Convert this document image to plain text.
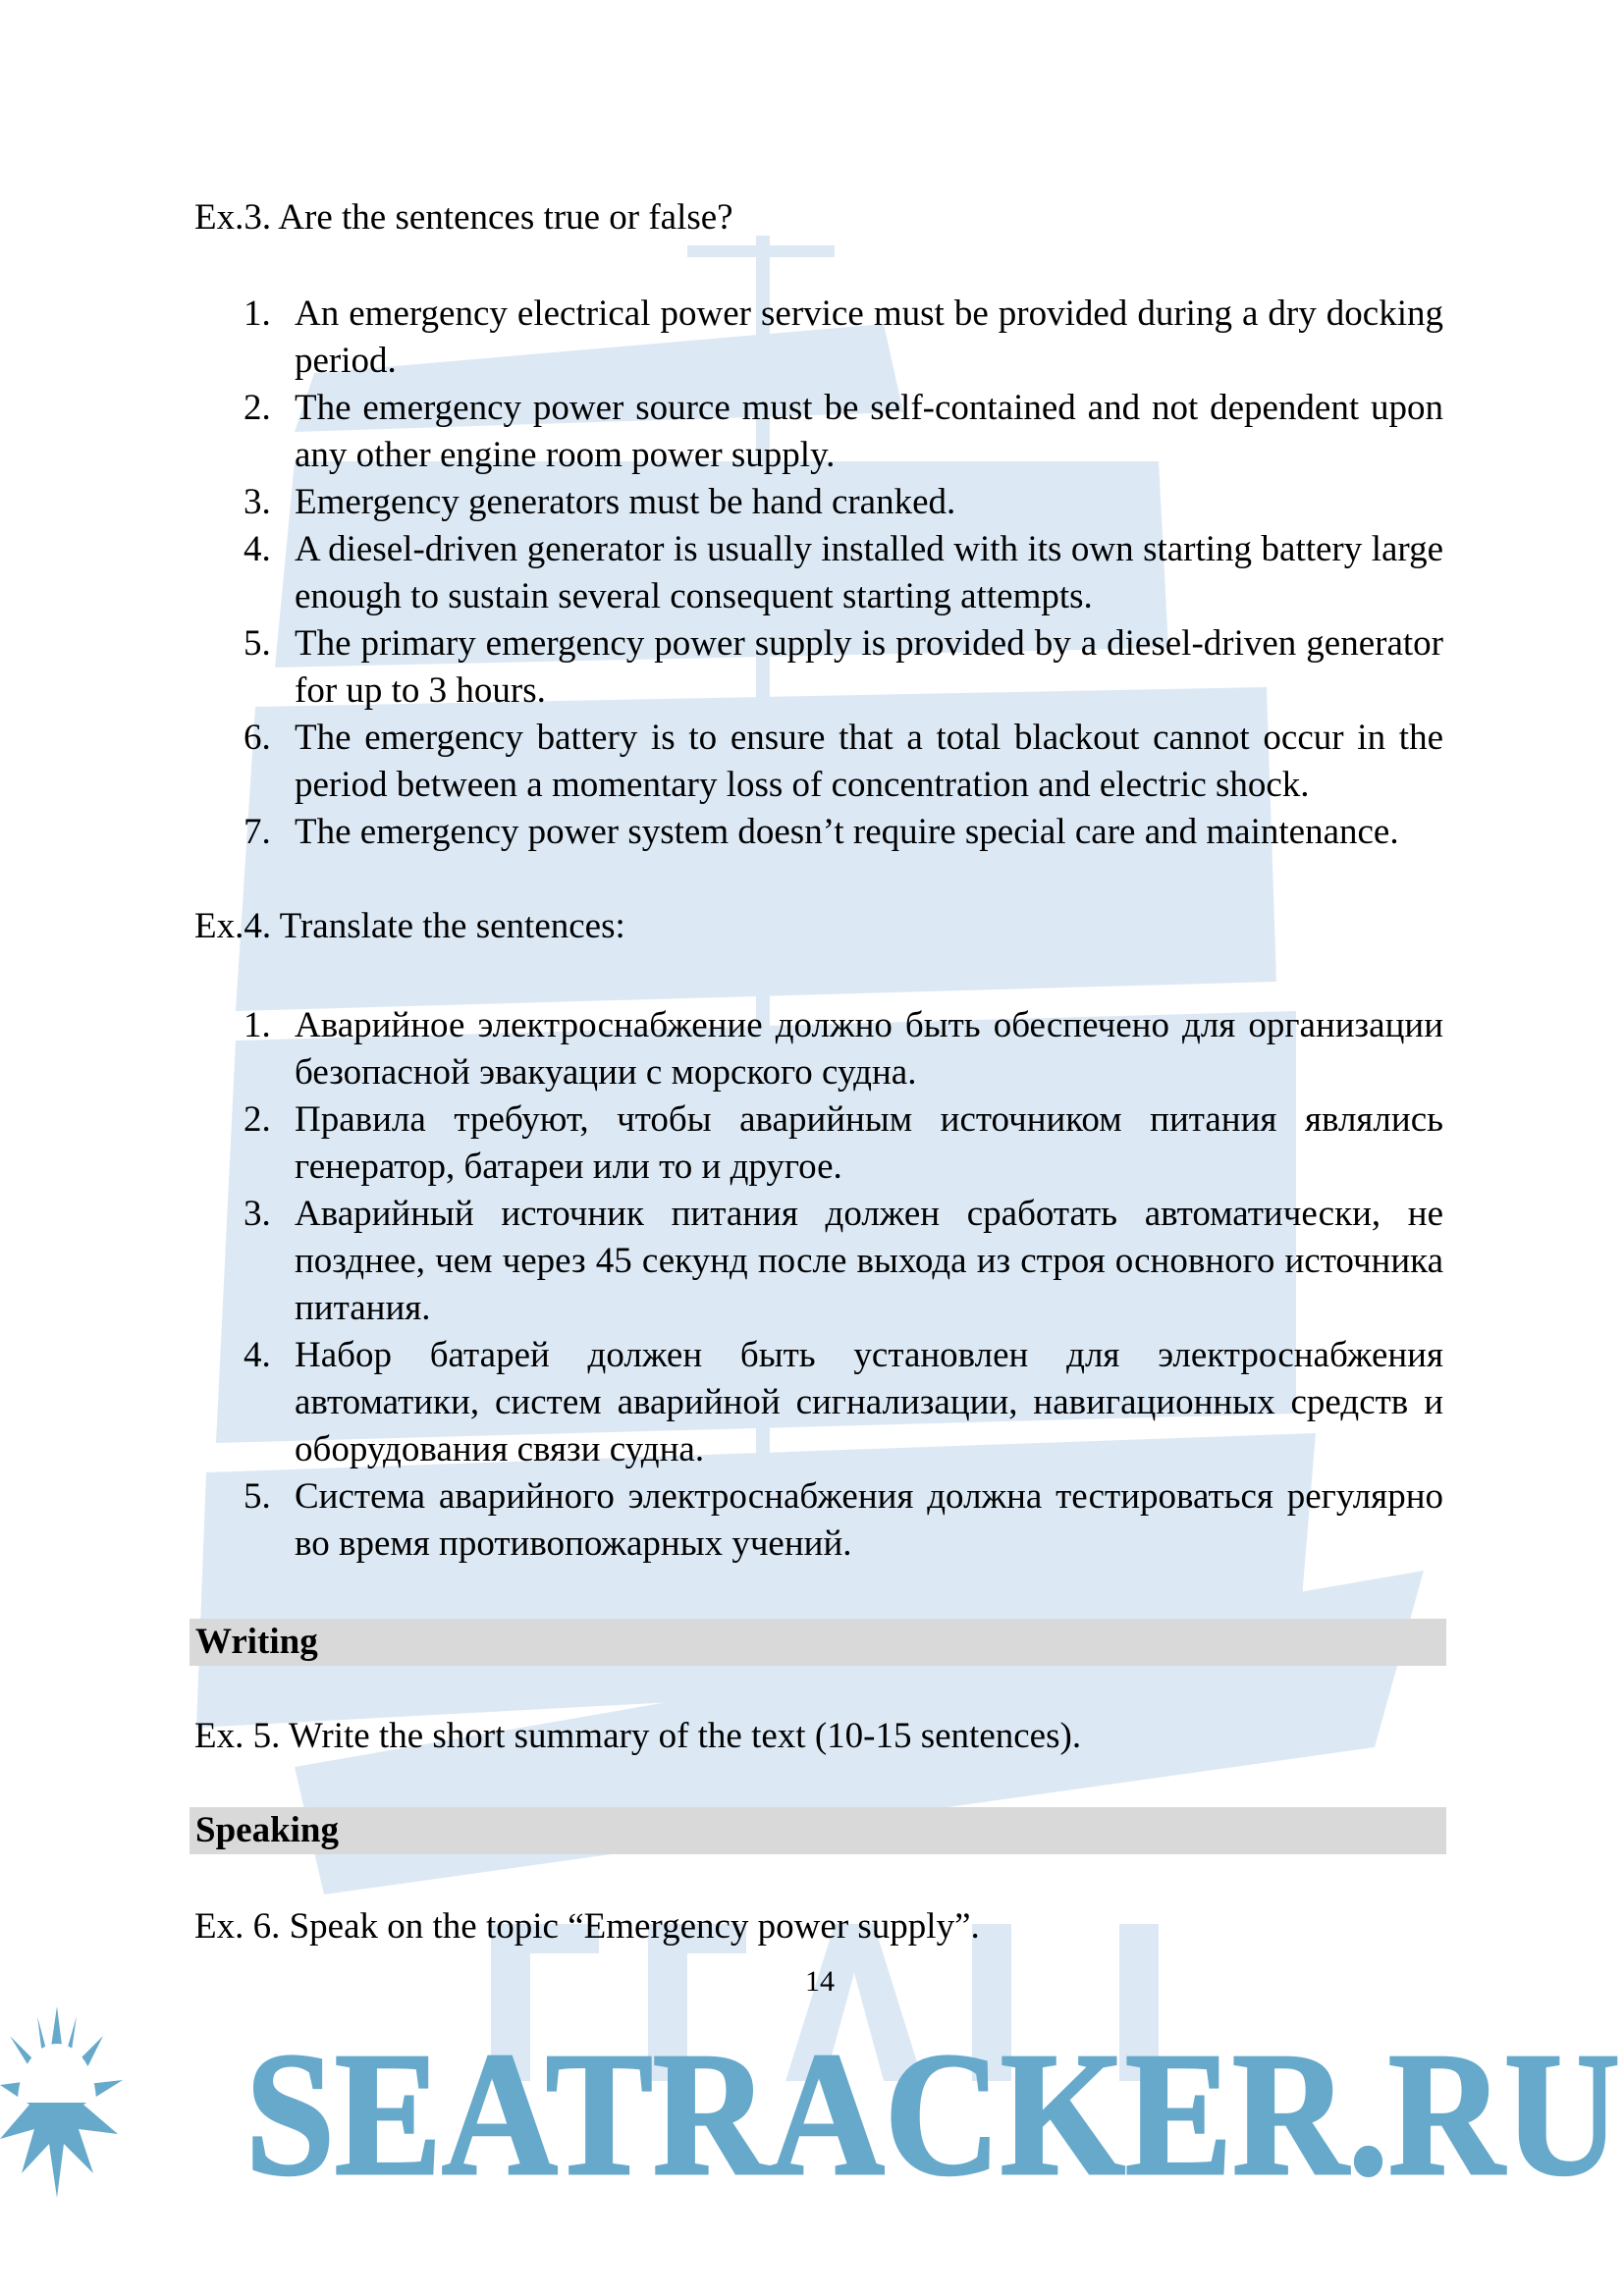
Ex.3. Are the sentences true or false?
1. An emergency electrical power service must be provided during a dry docking period.
2. The emergency power source must be self-contained and not dependent upon any other engine room power supply.
3. Emergency generators must be hand cranked.
4. A diesel-driven generator is usually installed with its own starting battery large enough to sustain several consequent starting attempts.
5. The primary emergency power supply is provided by a diesel-driven generator for up to 3 hours.
6. The emergency battery is to ensure that a total blackout cannot occur in the period between a momentary loss of concentration and electric shock.
7. The emergency power system doesn’t require special care and maintenance.
Ex.4. Translate the sentences:
1. Аварийное электроснабжение должно быть обеспечено для организации безопасной эвакуации с морского судна.
2. Правила требуют, чтобы аварийным источником питания являлись генератор, батареи или то и другое.
3. Аварийный источник питания должен сработать автоматически, не позднее, чем через 45 секунд после выхода из строя основного источника питания.
4. Набор батарей должен быть установлен для электроснабжения автоматики, систем аварийной сигнализации, навигационных средств и оборудования связи судна.
5. Система аварийного электроснабжения должна тестироваться регулярно во время противопожарных учений.
Writing
Ex. 5. Write the short summary of the text (10-15 sentences).
Speaking
Ex. 6. Speak on the topic “Emergency power supply”.
14
SEATRACKER.RU
